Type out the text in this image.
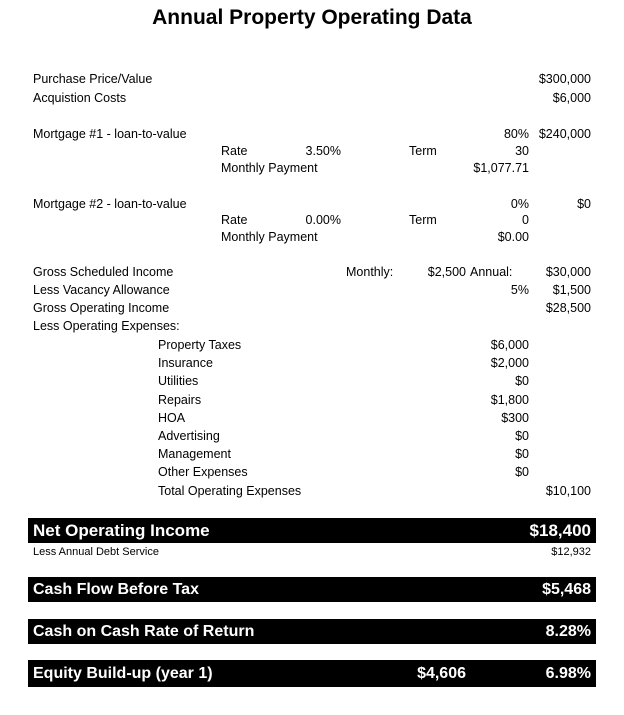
Annual Property Operating Data
Purchase Price/Value	$300,000
Acquistion Costs	$6,000
Mortgage #1 - loan-to-value	80% $240,000
Rate	3.50%	Term	30
Monthly Payment	$1,077.71
Mortgage #2 - loan-to-value	0%	$0
Rate	0.00%	Term	0
Monthly Payment	$0.00
Gross Scheduled Income	Monthly:	$2,500 Annual:	$30,000
Less Vacancy Allowance	5% $1,500
Gross Operating Income	$28,500
Less Operating Expenses:
Property Taxes	$6,000
Insurance	$2,000
Utilities	$0
Repairs	$1,800
HOA	$300
Advertising	$0
Management	$0
Other Expenses	$0
Total Operating Expenses	$10,100
Net Operating Income	$18,400
Less Annual Debt Service	$12,932
Cash Flow Before Tax	$5,468
Cash on Cash Rate of Return	8.28%
Equity Build-up (year 1)	$4,606	6.98%
